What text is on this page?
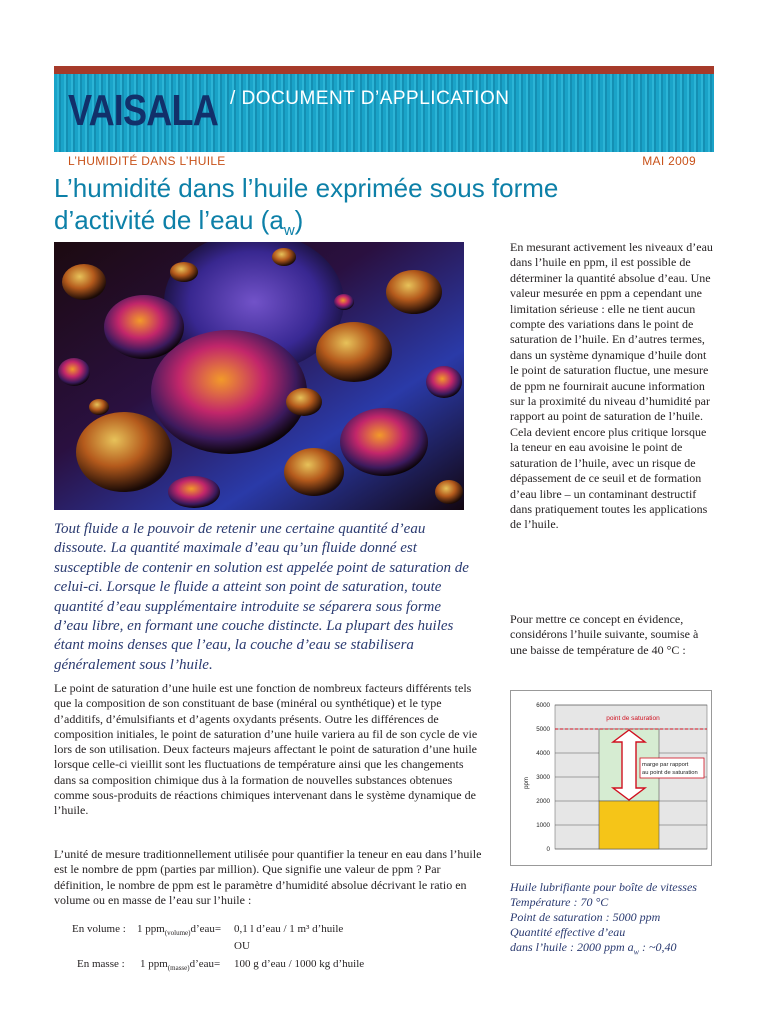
VAISALA / DOCUMENT D’APPLICATION
L’HUMIDITÉ DANS L’HUILE	MAI 2009
L’humidité dans l’huile exprimée sous forme
d’activité de l’eau $(a_w)$
Tout fluide a le pouvoir de retenir une certaine quantité d’eau dissoute. La quantité maximale d’eau qu’un fluide donné est susceptible de contenir en solution est appelée point de saturation de celui-ci. Lorsque le fluide a atteint son point de saturation, toute quantité d’eau supplémentaire introduite se séparera sous forme d’eau libre, en formant une couche distincte. La plupart des huiles étant moins denses que l’eau, la couche d’eau se stabilisera généralement sous l’huile.
Le point de saturation d’une huile est une fonction de nombreux facteurs différents tels que la composition de son constituant de base (minéral ou synthétique) et le type d’additifs, d’émulsifiants et d’agents oxydants présents. Outre les différences de composition initiales, le point de saturation d’une huile variera au fil de son cycle de vie lors de son utilisation. Deux facteurs majeurs affectant le point de saturation d’une huile lorsque celle-ci vieillit sont les fluctuations de température ainsi que les changements dans sa composition chimique dus à la formation de nouvelles substances obtenues comme sous-produits de réactions chimiques intervenant dans le système dynamique de l’huile.
L’unité de mesure traditionnellement utilisée pour quantifier la teneur en eau dans l’huile est le nombre de ppm (parties par million). Que signifie une valeur de ppm ? Par définition, le nombre de ppm est le paramètre d’humidité absolue décrivant le ratio en volume ou en masse de l’eau sur l’huile :
En volume : 1 ppm$_{(volume)}$d’eau= 0,1 l d’eau / 1 m³ d’huile
OU
En masse : 1 ppm$_{(masse)}$d’eau= 100 g d’eau / 1000 kg d’huile
En mesurant activement les niveaux d’eau dans l’huile en ppm, il est possible de déterminer la quantité absolue d’eau. Une valeur mesurée en ppm a cependant une limitation sérieuse : elle ne tient aucun compte des variations dans le point de saturation de l’huile. En d’autres termes, dans un système dynamique d’huile dont le point de saturation fluctue, une mesure de ppm ne fournirait aucune information sur la proximité du niveau d’humidité par rapport au point de saturation de l’huile. Cela devient encore plus critique lorsque la teneur en eau avoisine le point de saturation de l’huile, avec un risque de dépassement de ce seuil et de formation d’eau libre – un contaminant destructif dans pratiquement toutes les applications de l’huile.
Pour mettre ce concept en évidence, considérons l’huile suivante, soumise à une baisse de température de 40 °C :
0
1000
2000
3000
4000
5000
6000
point de saturation
marge par rapport
au point de saturation
ppm
Huile lubrifiante pour boîte de vitesses
Température : 70 °C
Point de saturation : 5000 ppm
Quantité effective d’eau
dans l’huile : 2000 ppm $a_w$ : ~0,40
